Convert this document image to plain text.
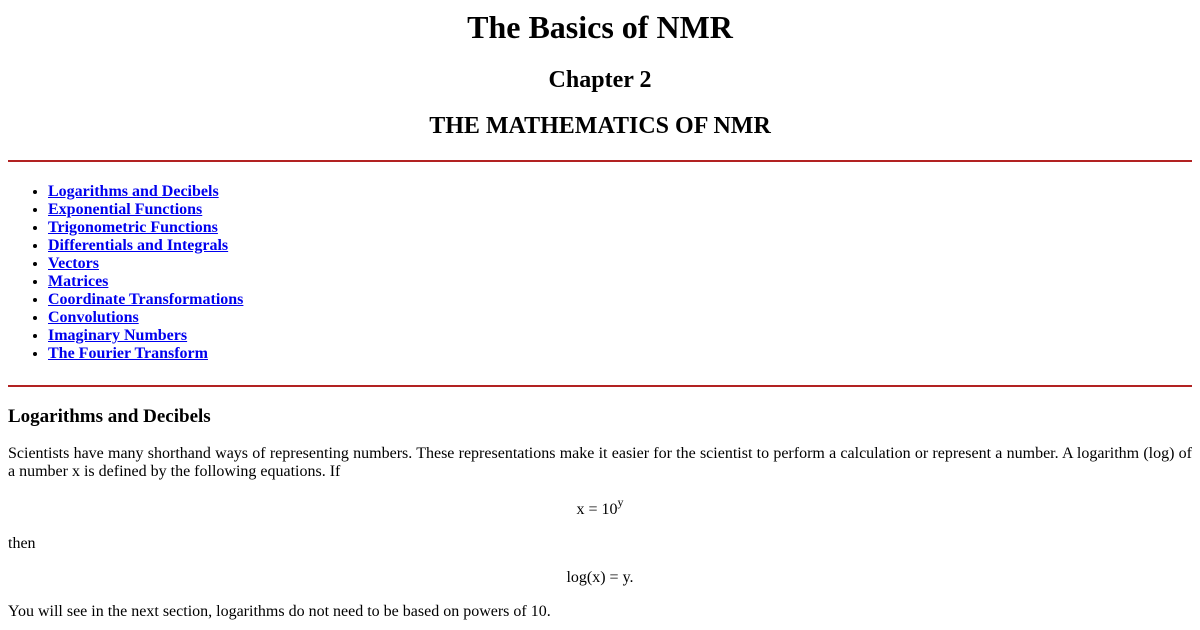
The Basics of NMR
Chapter 2
THE MATHEMATICS OF NMR
• Logarithms and Decibels
• Exponential Functions
• Trigonometric Functions
• Differentials and Integrals
• Vectors
• Matrices
• Coordinate Transformations
• Convolutions
• Imaginary Numbers
• The Fourier Transform
Logarithms and Decibels

Scientists have many shorthand ways of representing numbers. These representations make it easier for the scientist to perform a calculation or represent a number. A logarithm (log) of a number x is defined by the following equations. If

$x = 10^y$

then

log(x) = y.

You will see in the next section, logarithms do not need to be based on powers of 10.
